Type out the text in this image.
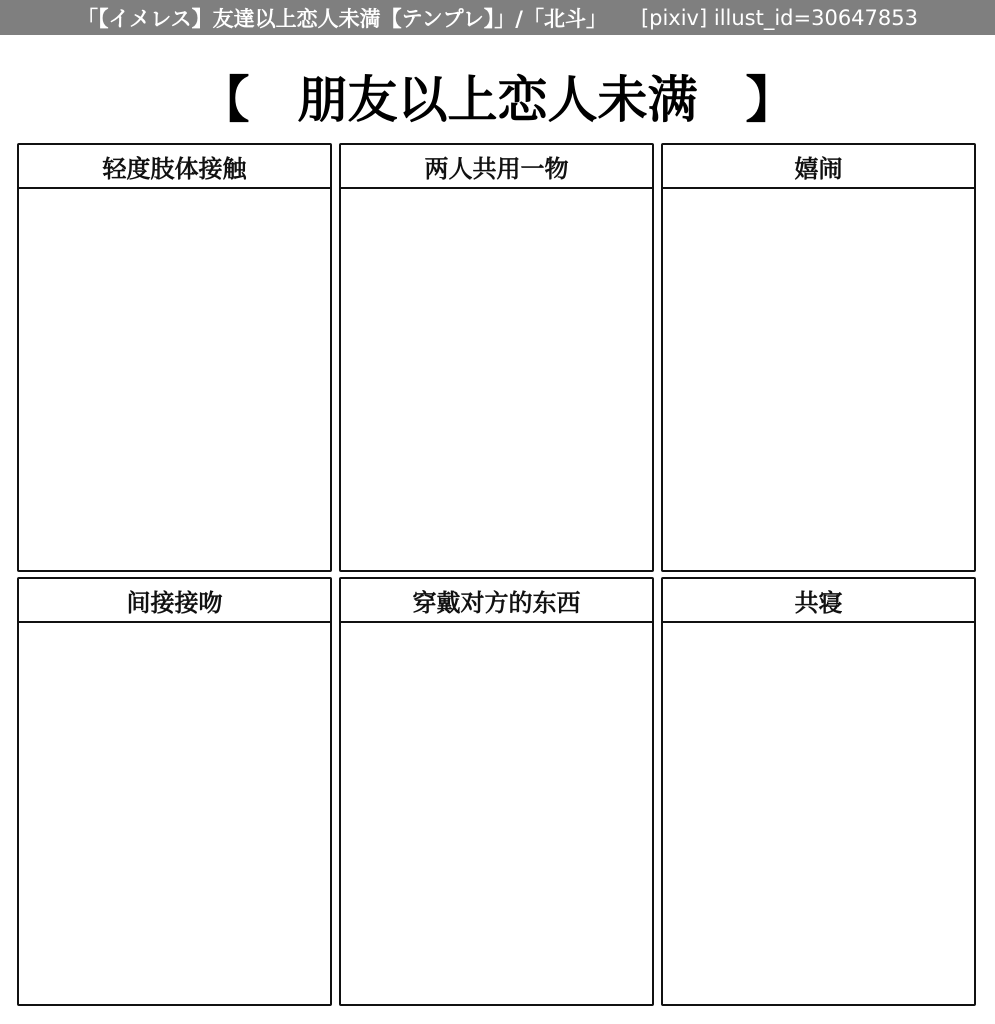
「【イメレス】友達以上恋人未満【テンプレ】」/「北斗」 [pixiv] illust_id=30647853
【 朋友以上恋人未满 】
轻度肢体接触	两人共用一物	嬉闹
间接接吻	穿戴对方的东西	共寝
